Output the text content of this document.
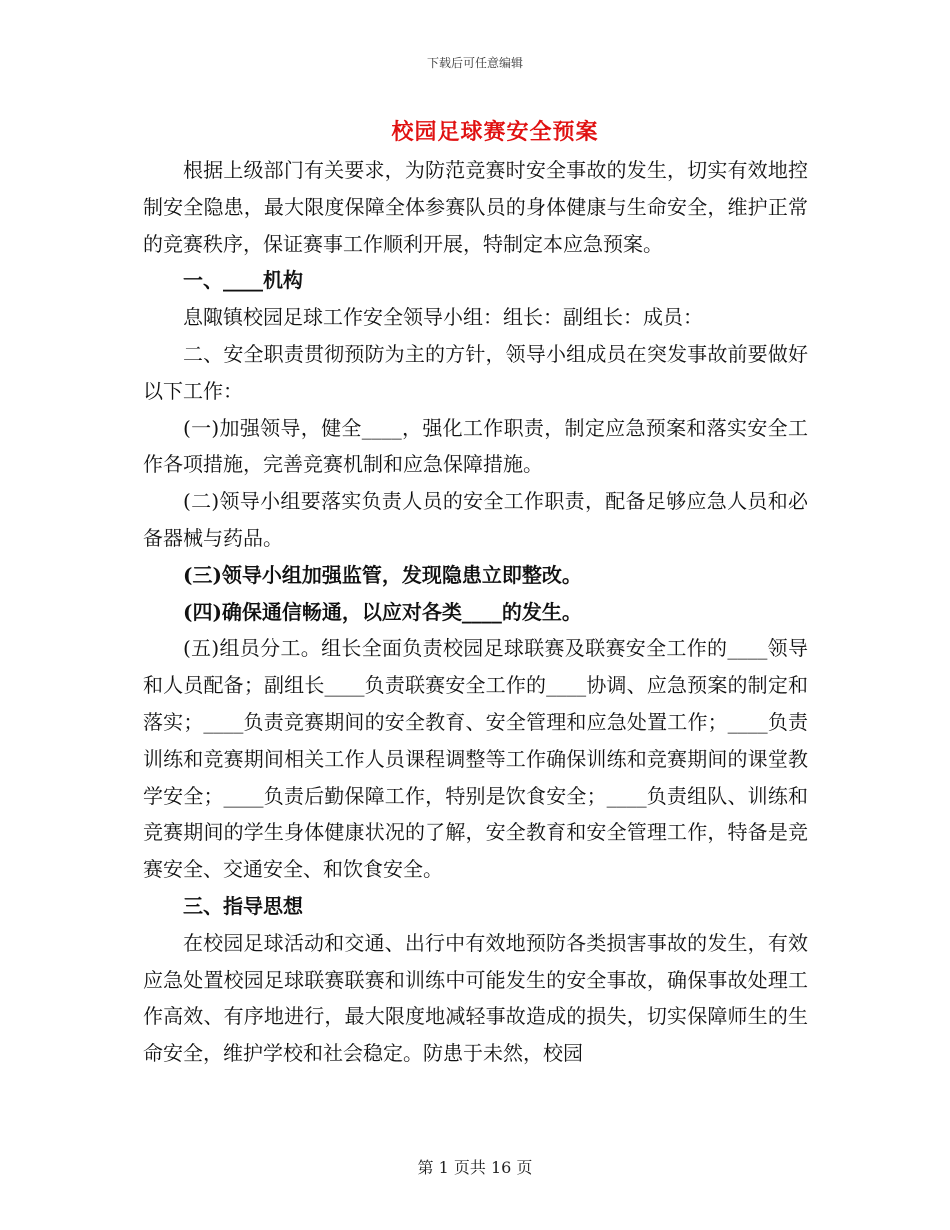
下载后可任意编辑
校园足球赛安全预案

根据上级部门有关要求，为防范竞赛时安全事故的发生，切实有效地控制安全隐患，最大限度保障全体参赛队员的身体健康与生命安全，维护正常的竞赛秩序，保证赛事工作顺利开展，特制定本应急预案。

一、____机构

息陬镇校园足球工作安全领导小组：组长：副组长：成员：

二、安全职责贯彻预防为主的方针，领导小组成员在突发事故前要做好以下工作：

(一)加强领导，健全____，强化工作职责，制定应急预案和落实安全工作各项措施，完善竞赛机制和应急保障措施。

(二)领导小组要落实负责人员的安全工作职责，配备足够应急人员和必备器械与药品。

(三)领导小组加强监管，发现隐患立即整改。

(四)确保通信畅通，以应对各类____的发生。

(五)组员分工。组长全面负责校园足球联赛及联赛安全工作的____领导和人员配备；副组长____负责联赛安全工作的____协调、应急预案的制定和落实；____负责竞赛期间的安全教育、安全管理和应急处置工作；____负责训练和竞赛期间相关工作人员课程调整等工作确保训练和竞赛期间的课堂教学安全；____负责后勤保障工作，特别是饮食安全；____负责组队、训练和竞赛期间的学生身体健康状况的了解，安全教育和安全管理工作，特备是竞赛安全、交通安全、和饮食安全。

三、指导思想

在校园足球活动和交通、出行中有效地预防各类损害事故的发生，有效应急处置校园足球联赛联赛和训练中可能发生的安全事故，确保事故处理工作高效、有序地进行，最大限度地减轻事故造成的损失，切实保障师生的生命安全，维护学校和社会稳定。防患于未然，校园

第 1 页共 16 页
